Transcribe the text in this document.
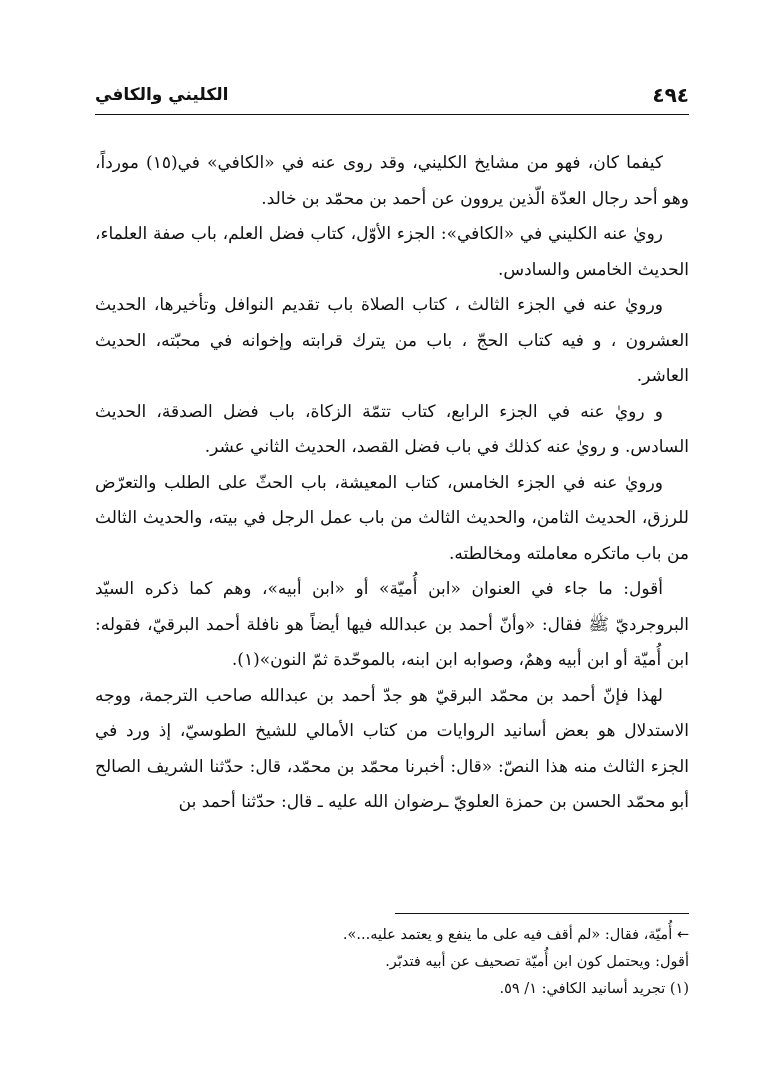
٤٩٤
الكليني والكافي

كيفما كان، فهو من مشايخ الكليني، وقد روى عنه في «الكافي» في(١٥) مورداً، وهو أحد رجال العدّة الّذين يروون عن أحمد بن محمّد بن خالد.

رويٰ عنه الكليني في «الكافي»: الجزء الأوّل، كتاب فضل العلم، باب صفة العلماء، الحديث الخامس والسادس.

ورويٰ عنه في الجزء الثالث ، كتاب الصلاة باب تقديم النوافل وتأخيرها، الحديث العشرون ، و فيه كتاب الحجّ ، باب من يترك قرابته وإخوانه في محبّته، الحديث العاشر.

و رويٰ عنه في الجزء الرابع، كتاب تتمّة الزكاة، باب فضل الصدقة، الحديث السادس. و رويٰ عنه كذلك في باب فضل القصد، الحديث الثاني عشر.

ورويٰ عنه في الجزء الخامس، كتاب المعيشة، باب الحثّ على الطلب والتعرّض للرزق، الحديث الثامن، والحديث الثالث من باب عمل الرجل في بيته، والحديث الثالث من باب ماتكره معاملته ومخالطته.

أقول: ما جاء في العنوان «ابن أُميّة» أو «ابن أبيه»، وهم كما ذكره السيّد البروجرديّ ﷺ فقال: «وأنّ أحمد بن عبدالله فيها أيضاً هو نافلة أحمد البرقيّ، فقوله: ابن أُميّة أو ابن أبيه وهمٌ، وصوابه ابن ابنه، بالموحّدة ثمّ النون»(١).

لهذا فإنّ أحمد بن محمّد البرقيّ هو جدّ أحمد بن عبدالله صاحب الترجمة، ووجه الاستدلال هو بعض أسانيد الروايات من كتاب الأمالي للشيخ الطوسيّ، إذ ورد في الجزء الثالث منه هذا النصّ: «قال: أخبرنا محمّد بن محمّد، قال: حدّثنا الشريف الصالح أبو محمّد الحسن بن حمزة العلويّ ـرضوان الله عليه ـ قال: حدّثنا أحمد بن

← أُميّة، فقال: «لم أقف فيه على ما ينفع و يعتمد عليه...».

أقول: ويحتمل كون ابن أُميّة تصحيف عن أبيه فتدبّر.

(١) تجريد أسانيد الكافي: ١/ ٥٩.
